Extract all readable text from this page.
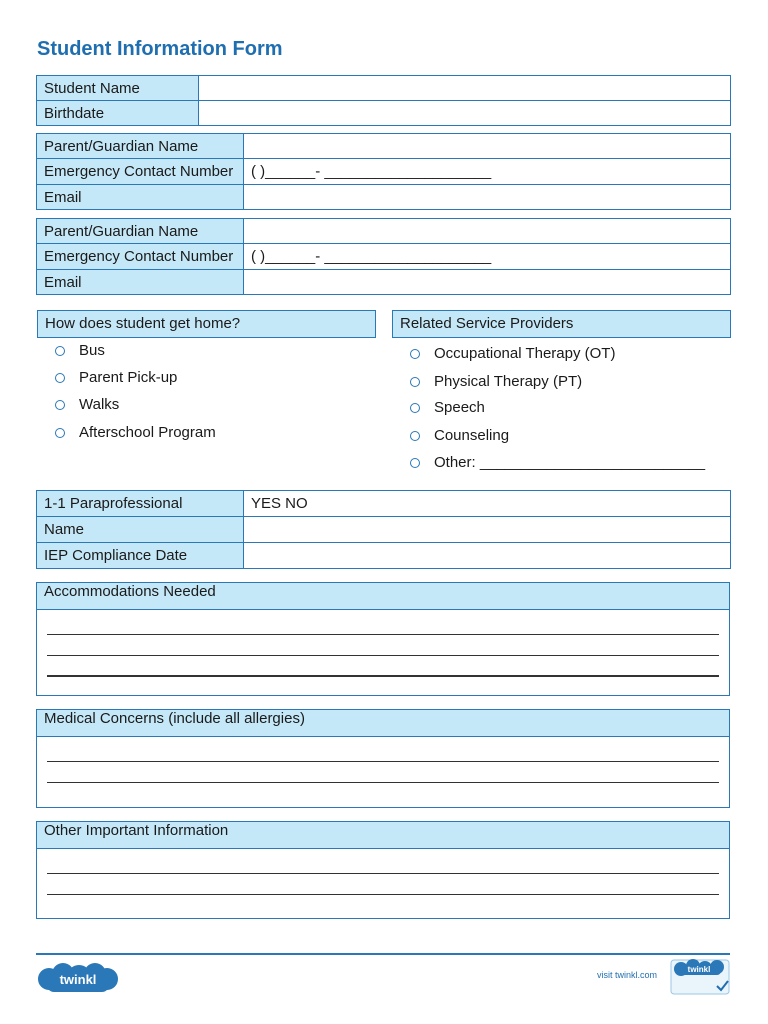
Student Information Form
Student Name	
Birthdate	
Parent/Guardian Name	
Emergency Contact Number	( )______- ____________________
Email	
Parent/Guardian Name	
Emergency Contact Number	( )______- ____________________
Email	
How does student get home?
Bus
Parent Pick-up
Walks
Afterschool Program
Related Service Providers
Occupational Therapy (OT)
Physical Therapy (PT)
Speech
Counseling
Other: ___________________________
1-1 Paraprofessional	YES NO
Name	
IEP Compliance Date	
Accommodations Needed
Medical Concerns (include all allergies)
Other Important Information
twinkl	visit twinkl.com
twinkl
